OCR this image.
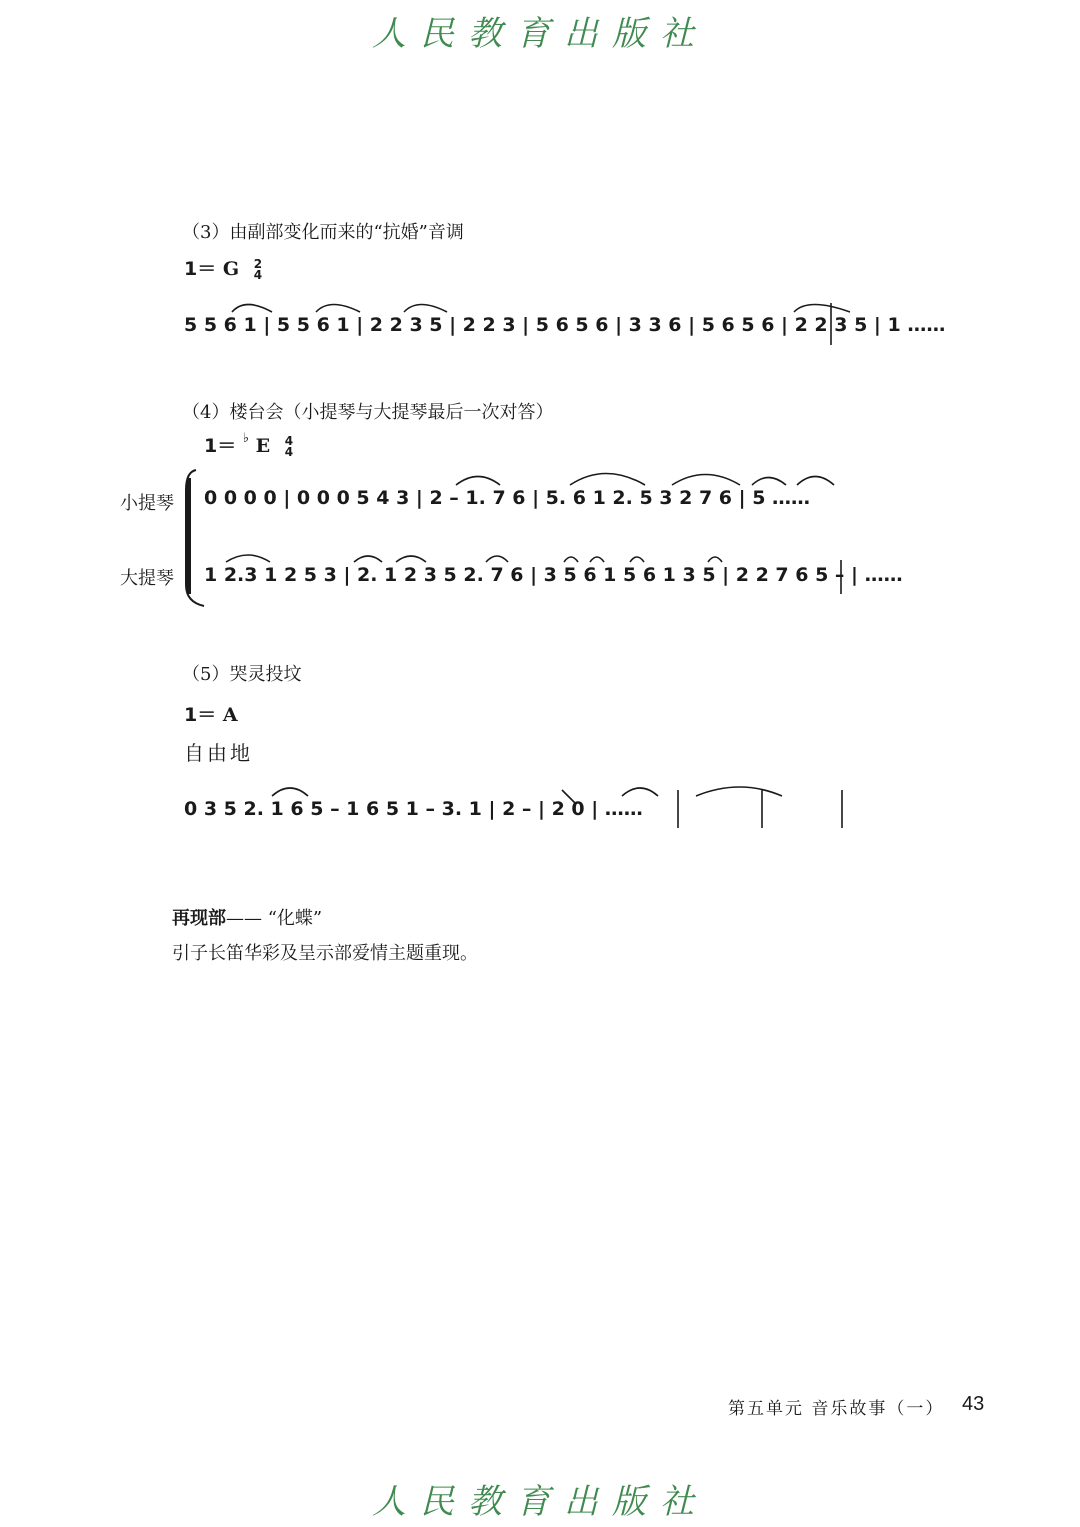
人民教育出版社
人民教育出版社
（3）由副部变化而来的“抗婚”音调
1＝ G 2
4
5 5 6 1 | 5 5 6 1 | 2 2 3 5 | 2 2 3 | 5 6 5 6 | 3 3 6 | 5 6 5 6 | 2 2 3 5 | 1 ……
（4）楼台会（小提琴与大提琴最后一次对答）
1＝ ♭ E 4
4
小提琴
大提琴
0 0 0 0 | 0 0 0 5 4 3 | 2 – 1. 7 6 | 5. 6 1 2. 5 3 2 7 6 | 5 ……
1 2.3 1 2 5 3 | 2. 1 2 3 5 2. 7 6 | 3 5 6 1 5 6 1 3 5 | 2 2 7 6 5 – | ……
（5）哭灵投坟
1＝ A
自由地
0 3 5 2. 1 6 5 – 1 6 5 1 – 3. 1 | 2 – | 2 0 | ……
再现部—— “化蝶”
引子长笛华彩及呈示部爱情主题重现。
第五单元 音乐故事（一） 43
